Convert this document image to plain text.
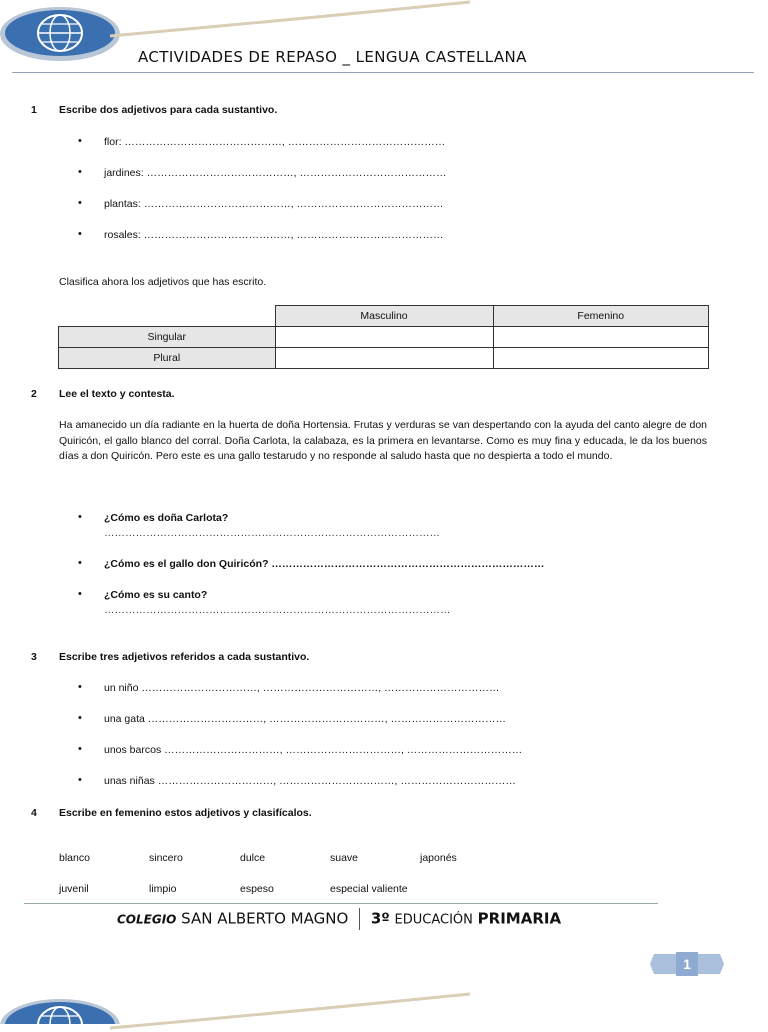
ACTIVIDADES DE REPASO _ LENGUA CASTELLANA
1 Escribe dos adjetivos para cada sustantivo.
• flor: ………………………………………, ………………………………………
• jardines: ……………………………………, ……………………………………
• plantas: ……………………………………, ……………………………………
• rosales: ……………………………………, ……………………………………
Clasifica ahora los adjetivos que has escrito.
	Masculino	Femenino
Singular		
Plural		
2 Lee el texto y contesta.
Ha amanecido un día radiante en la huerta de doña Hortensia. Frutas y verduras se van despertando con la ayuda del canto alegre de don Quiricón, el gallo blanco del corral. Doña Carlota, la calabaza, es la primera en levantarse. Como es muy fina y educada, le da los buenos días a don Quiricón. Pero este es una gallo testarudo y no responde al saludo hasta que no despierta a todo el mundo.
• ¿Cómo es doña Carlota?
……………………………………………………………………………………
• ¿Cómo es el gallo don Quiricón? ……………………………………………………………………
• ¿Cómo es su canto?
………………………………………………………………………………………
3 Escribe tres adjetivos referidos a cada sustantivo.
• un niño ……………………………, ……………………………, ……………………………
• una gata ……………………………, ……………………………, ……………………………
• unos barcos ……………………………, ……………………………, ……………………………
• unas niñas ……………………………, ……………………………, ……………………………
4 Escribe en femenino estos adjetivos y clasifícalos.
blanco	sincero	dulce	suave	japonés
juvenil	limpio	espeso	especial valiente
COLEGIO SAN ALBERTO MAGNO 3º EDUCACIÓN PRIMARIA
1
